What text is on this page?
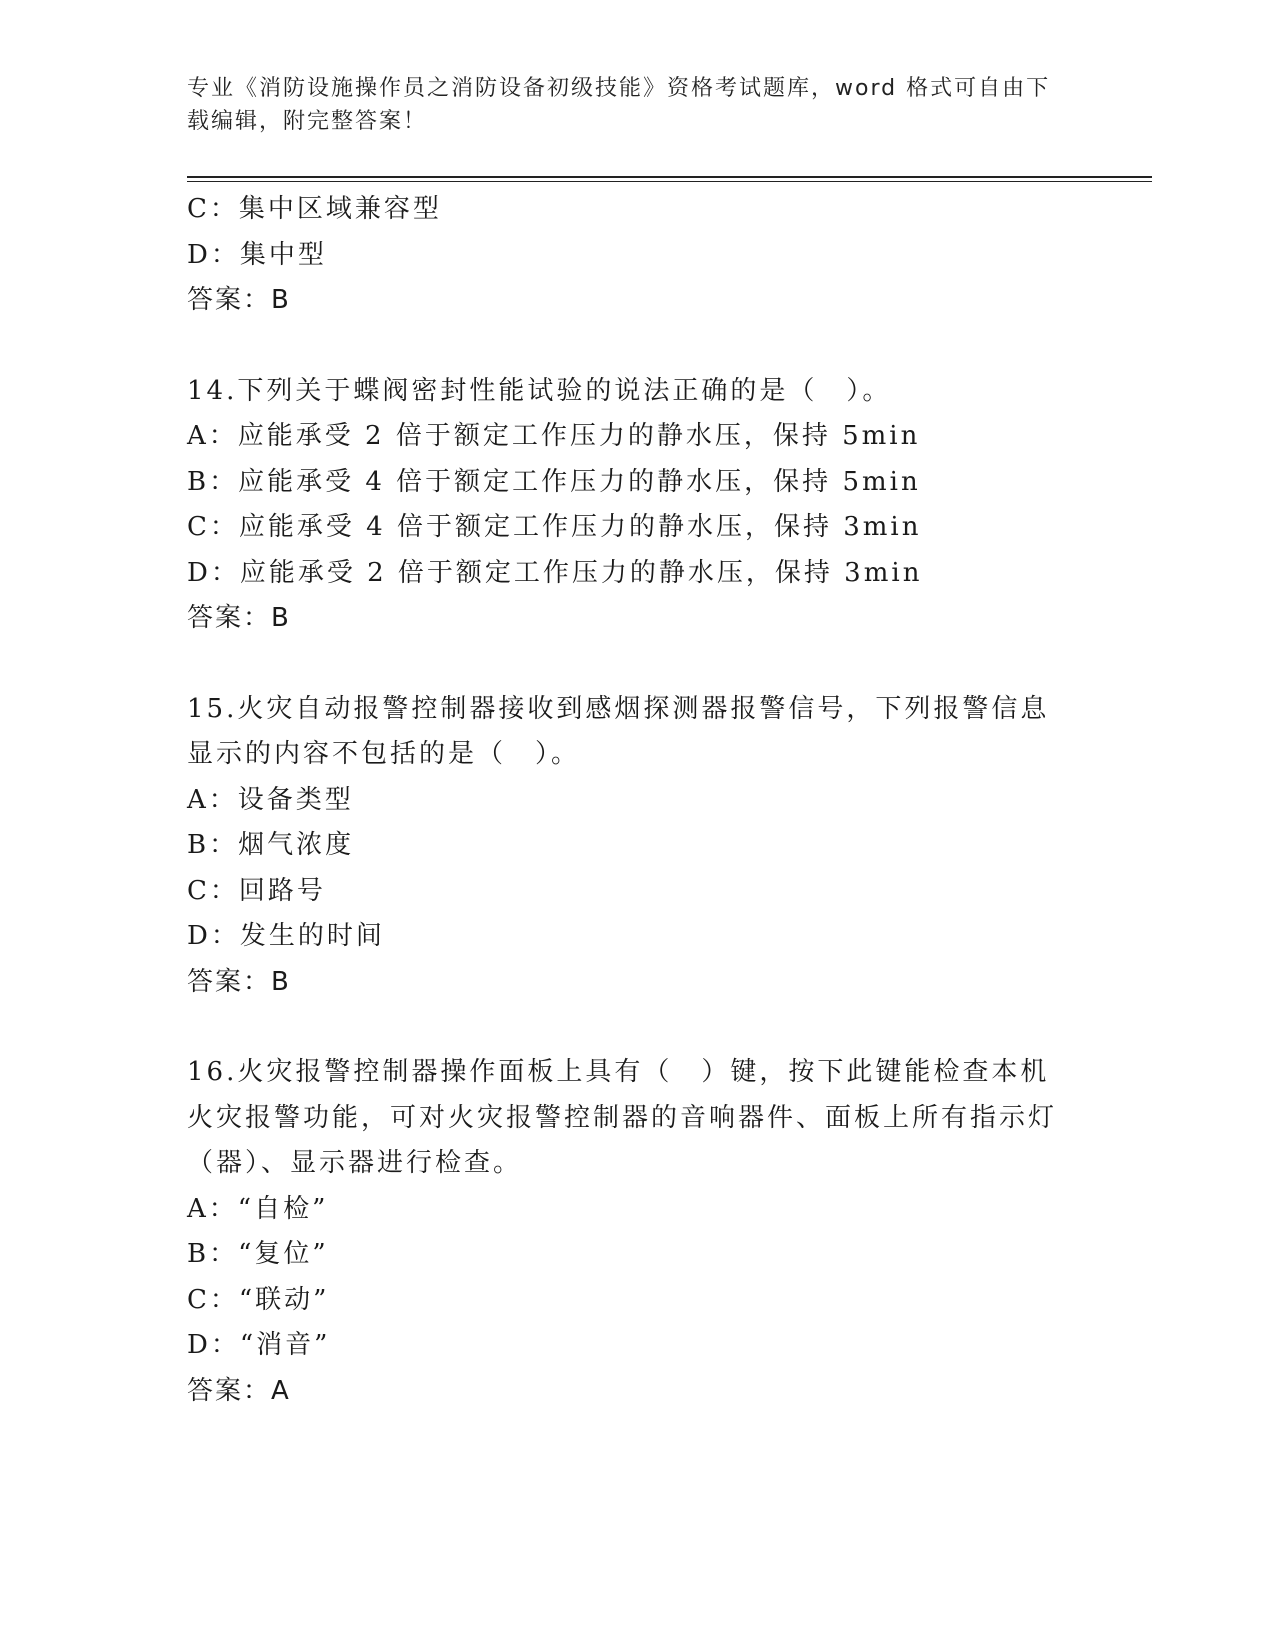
专业《消防设施操作员之消防设备初级技能》资格考试题库，word 格式可自由下载编辑，附完整答案！
C：集中区域兼容型
D：集中型
答案：B
14.下列关于蝶阀密封性能试验的说法正确的是（　）。
A：应能承受 2 倍于额定工作压力的静水压，保持 5min
B：应能承受 4 倍于额定工作压力的静水压，保持 5min
C：应能承受 4 倍于额定工作压力的静水压，保持 3min
D：应能承受 2 倍于额定工作压力的静水压，保持 3min
答案：B
15.火灾自动报警控制器接收到感烟探测器报警信号，下列报警信息显示的内容不包括的是（　）。
A：设备类型
B：烟气浓度
C：回路号
D：发生的时间
答案：B
16.火灾报警控制器操作面板上具有（　）键，按下此键能检查本机火灾报警功能，可对火灾报警控制器的音响器件、面板上所有指示灯（器）、显示器进行检查。
A：“自检”
B：“复位”
C：“联动”
D：“消音”
答案：A
